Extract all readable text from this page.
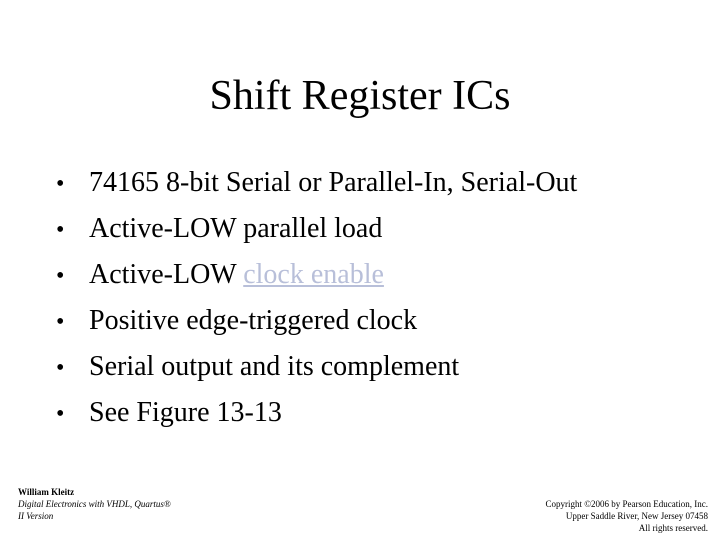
Shift Register ICs
• 74165 8-bit Serial or Parallel-In, Serial-Out
• Active-LOW parallel load
• Active-LOW clock enable
• Positive edge-triggered clock
• Serial output and its complement
• See Figure 13-13
William Kleitz
Digital Electronics with VHDL, Quartus®
II Version
Copyright ©2006 by Pearson Education, Inc.
Upper Saddle River, New Jersey 07458
All rights reserved.
